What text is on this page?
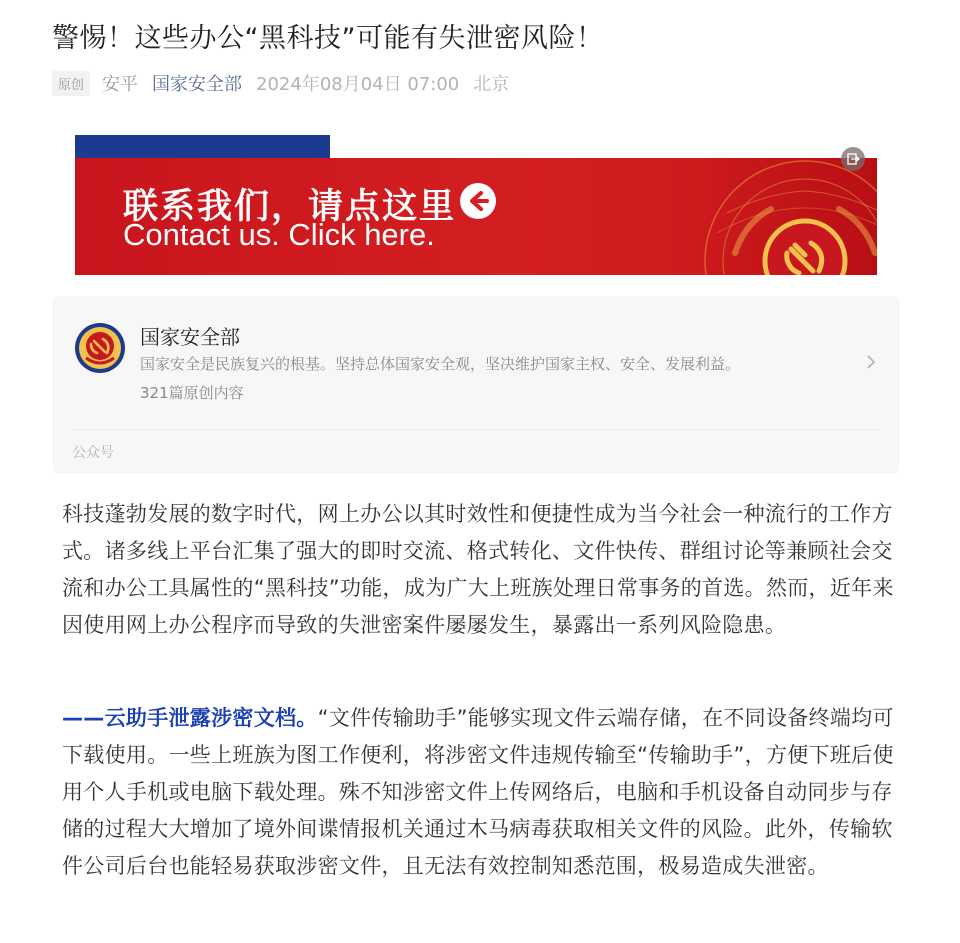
警惕！这些办公“黑科技”可能有失泄密风险！
原创	安平 国家安全部 2024年08月04日 07:00 北京
联系我们，请点这里
Contact us. Click here.
国家安全部
国家安全是民族复兴的根基。坚持总体国家安全观，坚决维护国家主权、安全、发展利益。
321篇原创内容
公众号

科技蓬勃发展的数字时代，网上办公以其时效性和便捷性成为当今社会一种流行的工作方式。诸多线上平台汇集了强大的即时交流、格式转化、文件快传、群组讨论等兼顾社会交流和办公工具属性的“黑科技”功能，成为广大上班族处理日常事务的首选。然而，近年来因使用网上办公程序而导致的失泄密案件屡屡发生，暴露出一系列风险隐患。

——云助手泄露涉密文档。“文件传输助手”能够实现文件云端存储，在不同设备终端均可下载使用。一些上班族为图工作便利，将涉密文件违规传输至“传输助手”，方便下班后使用个人手机或电脑下载处理。殊不知涉密文件上传网络后，电脑和手机设备自动同步与存储的过程大大增加了境外间谍情报机关通过木马病毒获取相关文件的风险。此外，传输软件公司后台也能轻易获取涉密文件，且无法有效控制知悉范围，极易造成失泄密。
